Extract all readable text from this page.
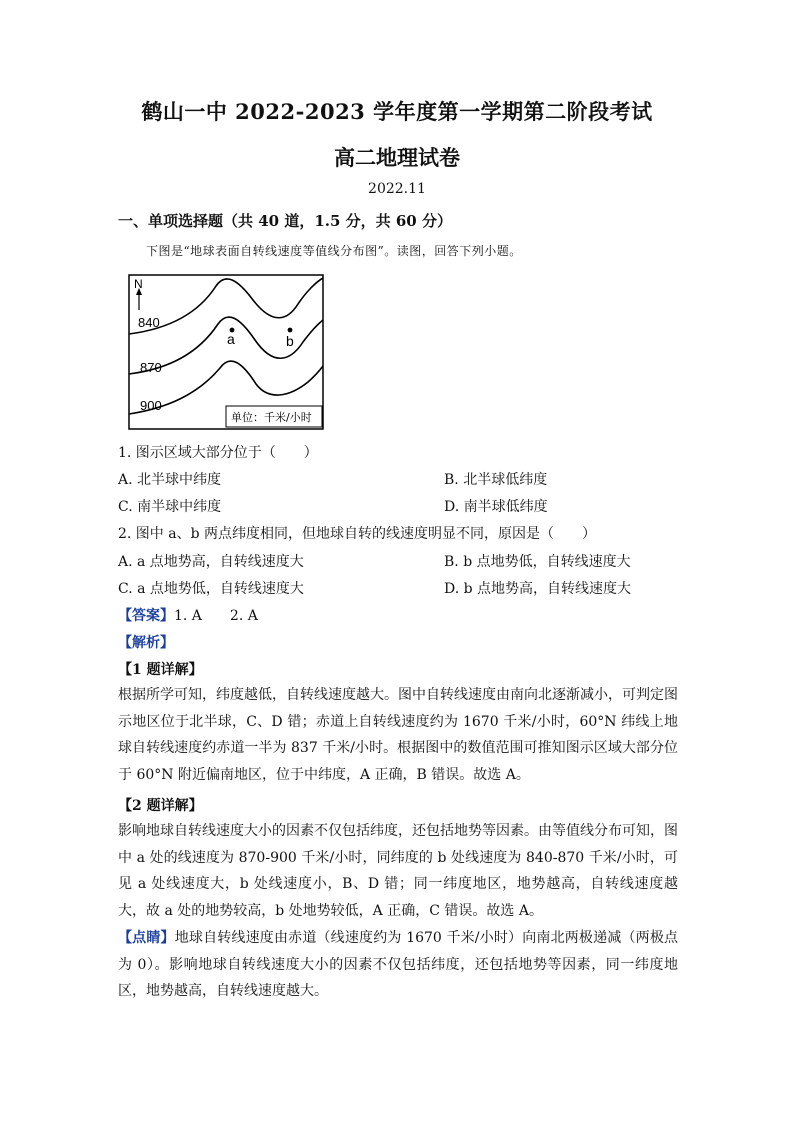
鹤山一中 2022-2023 学年度第一学期第二阶段考试
高二地理试卷
2022.11
一、单项选择题（共 40 道，1.5 分，共 60 分）
下图是“地球表面自转线速度等值线分布图”。读图，回答下列小题。
N
840
870
900
a	b
单位：千米/小时
1. 图示区域大部分位于（　　）
A. 北半球中纬度	B. 北半球低纬度
C. 南半球中纬度	D. 南半球低纬度
2. 图中 a、b 两点纬度相同，但地球自转的线速度明显不同，原因是（　　）
A. a 点地势高，自转线速度大	B. b 点地势低，自转线速度大
C. a 点地势低，自转线速度大	D. b 点地势高，自转线速度大
【答案】1. A　　2. A
【解析】
【1 题详解】
根据所学可知，纬度越低，自转线速度越大。图中自转线速度由南向北逐渐减小，可判定图示地区位于北半球，C、D 错；赤道上自转线速度约为 1670 千米/小时，60°N 纬线上地球自转线速度约赤道一半为 837 千米/小时。根据图中的数值范围可推知图示区域大部分位于 60°N 附近偏南地区，位于中纬度，A 正确，B 错误。故选 A。
【2 题详解】
影响地球自转线速度大小的因素不仅包括纬度，还包括地势等因素。由等值线分布可知，图中 a 处的线速度为 870-900 千米/小时，同纬度的 b 处线速度为 840-870 千米/小时，可见 a 处线速度大，b 处线速度小，B、D 错；同一纬度地区，地势越高，自转线速度越大，故 a 处的地势较高，b 处地势较低，A 正确，C 错误。故选 A。
【点睛】地球自转线速度由赤道（线速度约为 1670 千米/小时）向南北两极递减（两极点为 0）。影响地球自转线速度大小的因素不仅包括纬度，还包括地势等因素，同一纬度地区，地势越高，自转线速度越大。
